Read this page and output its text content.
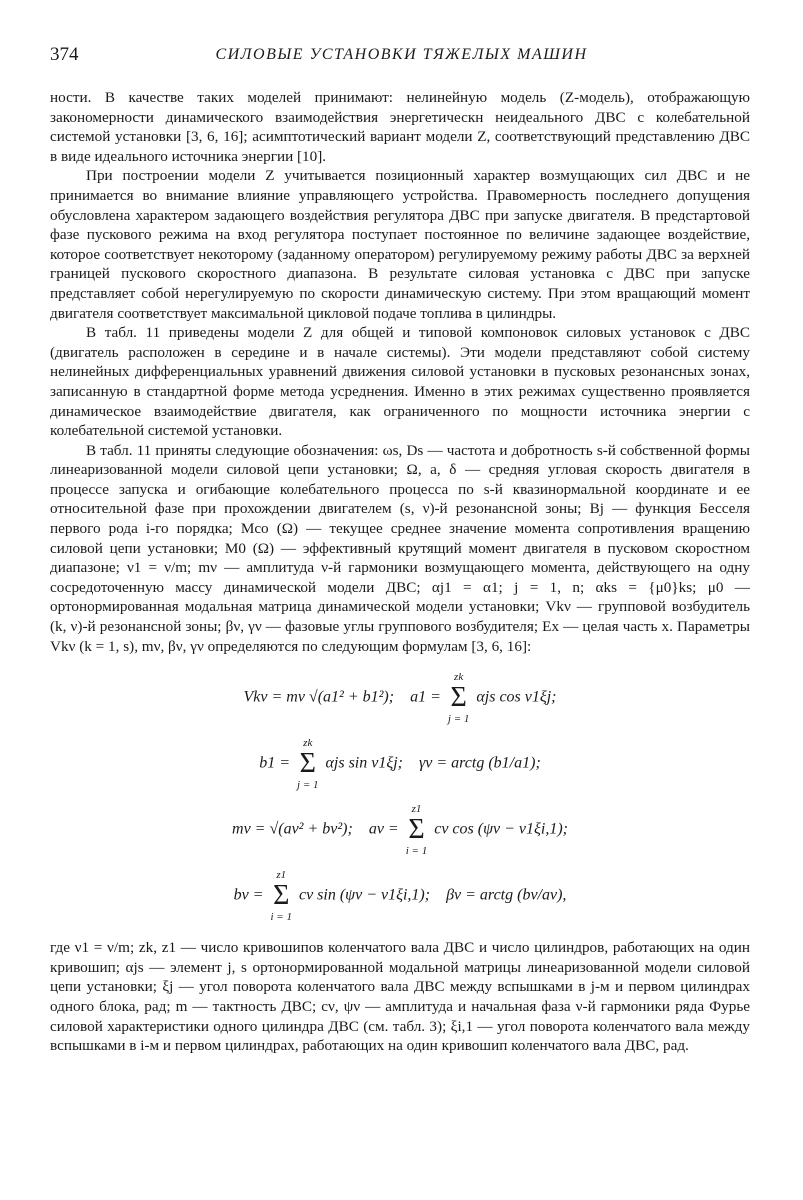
374	СИЛОВЫЕ УСТАНОВКИ ТЯЖЕЛЫХ МАШИН

ности. В качестве таких моделей принимают: нелинейную модель (Z-модель), отображающую закономерности динамического взаимодействия энергетическн неидеального ДВС с колебательной системой установки [3, 6, 16]; асимптотический вариант модели Z, соответствующий представлению ДВС в виде идеального источника энергии [10].

При построении модели Z учитывается позиционный характер возмущающих сил ДВС и не принимается во внимание влияние управляющего устройства. Правомерность последнего допущения обусловлена характером задающего воздействия регулятора ДВС при запуске двигателя. В предстартовой фазе пускового режима на вход регулятора поступает постоянное по величине задающее воздействие, которое соответствует некоторому (заданному оператором) регулируемому режиму работы ДВС за верхней границей пускового скоростного диапазона. В результате силовая установка с ДВС при запуске представляет собой нерегулируемую по скорости динамическую систему. При этом вращающий момент двигателя соответствует максимальной цикловой подаче топлива в цилиндры.

В табл. 11 приведены модели Z для общей и типовой компоновок силовых установок с ДВС (двигатель расположен в середине и в начале системы). Эти модели представляют собой систему нелинейных дифференциальных уравнений движения силовой установки в пусковых резонансных зонах, записанную в стандартной форме метода усреднения. Именно в этих режимах существенно проявляется динамическое взаимодействие двигателя, как ограниченного по мощности источника энергии с колебательной системой установки.

В табл. 11 приняты следующие обозначения: ωs, Ds — частота и добротность s-й собственной формы линеаризованной модели силовой цепи установки; Ω, a, δ — средняя угловая скорость двигателя в процессе запуска и огибающие колебательного процесса по s-й квазинормальной координате и ее относительной фазе при прохождении двигателем (s, ν)-й резонансной зоны; Bj — функция Бесселя первого рода i-го порядка; Mco (Ω) — текущее среднее значение момента сопротивления вращению силовой цепи установки; M0 (Ω) — эффективный крутящий момент двигателя в пусковом скоростном диапазоне; ν1 = ν/m; mν — амплитуда ν-й гармоники возмущающего момента, действующего на одну сосредоточенную массу динамической модели ДВС; αj1 = α1; j = 1, n; αks = {μ0}ks; μ0 — ортонормированная модальная матрица динамической модели установки; Vkν — групповой возбудитель (k, ν)-й резонансной зоны; βν, γν — фазовые углы группового возбудителя; Ex — целая часть x. Параметры Vkν (k = 1, s), mν, βν, γν определяются по следующим формулам [3, 6, 16]:

Vkν = mν √(a1² + b1²); a1 =
zk
Σ
j = 1
αjs cos ν1ξj;
b1 =
zk
Σ
j = 1
αjs sin ν1ξj; γν = arctg (b1/a1);
mν = √(aν² + bν²); aν =
z1
Σ
i = 1
cν cos (ψν − ν1ξi,1);
bν =
z1
Σ
i = 1
cν sin (ψν − ν1ξi,1); βν = arctg (bν/aν),

где ν1 = ν/m; zk, z1 — число кривошипов коленчатого вала ДВС и число цилиндров, работающих на один кривошип; αjs — элемент j, s ортонормированной модальной матрицы линеаризованной модели силовой цепи установки; ξj — угол поворота коленчатого вала ДВС между вспышками в j-м и первом цилиндрах одного блока, рад; m — тактность ДВС; cν, ψν — амплитуда и начальная фаза ν-й гармоники ряда Фурье силовой характеристики одного цилиндра ДВС (см. табл. 3); ξi,1 — угол поворота коленчатого вала между вспышками в i-м и первом цилиндрах, работающих на один кривошип коленчатого вала ДВС, рад.
